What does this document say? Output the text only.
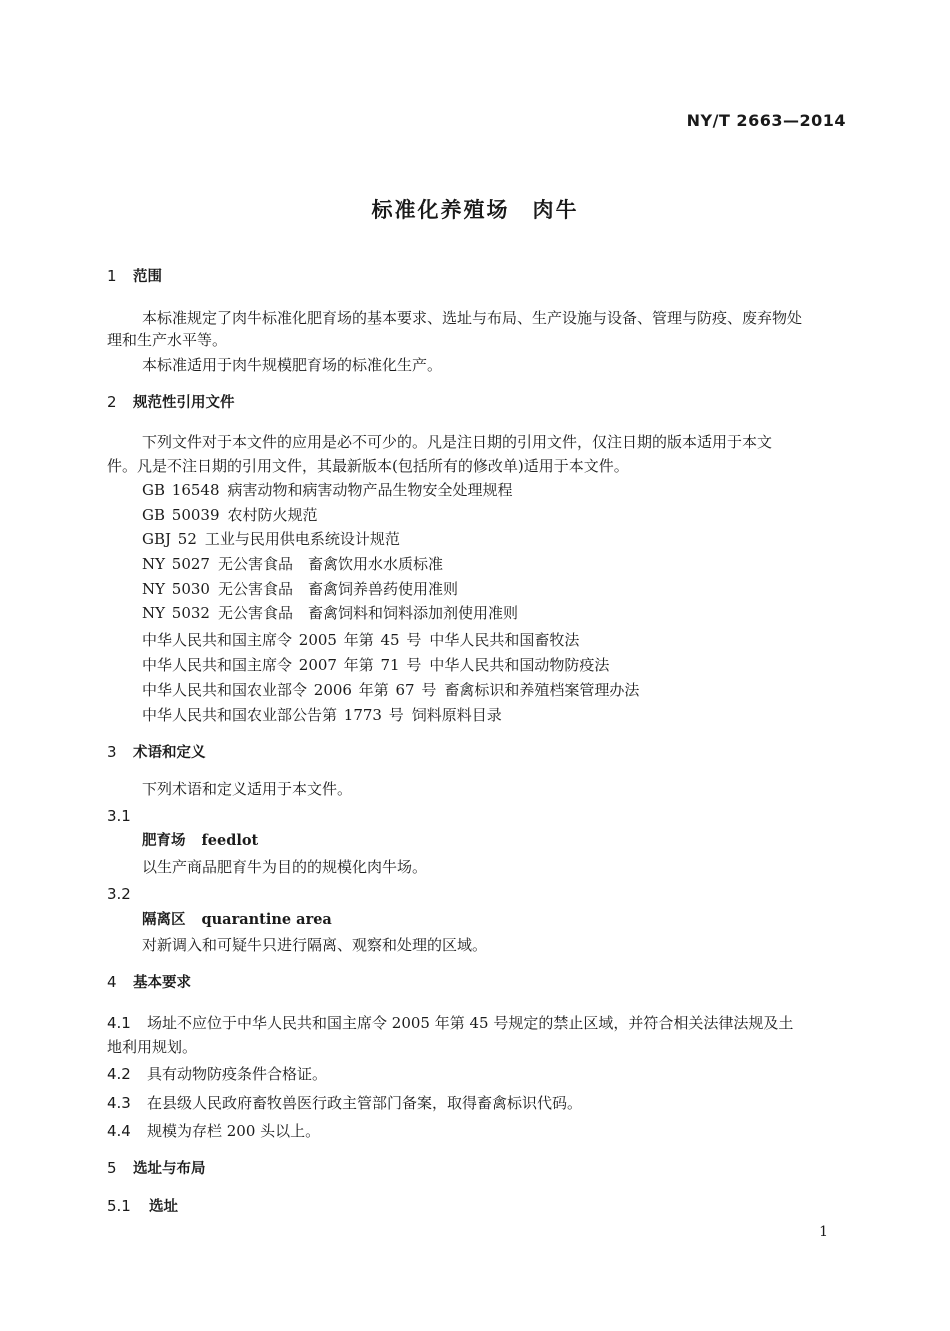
NY/T 2663—2014
标准化养殖场　肉牛
1 范围
本标准规定了肉牛标准化肥育场的基本要求、选址与布局、生产设施与设备、管理与防疫、废弃物处
理和生产水平等。
本标准适用于肉牛规模肥育场的标准化生产。
2 规范性引用文件
下列文件对于本文件的应用是必不可少的。凡是注日期的引用文件，仅注日期的版本适用于本文
件。凡是不注日期的引用文件，其最新版本(包括所有的修改单)适用于本文件。
GB 16548 病害动物和病害动物产品生物安全处理规程
GB 50039 农村防火规范
GBJ 52 工业与民用供电系统设计规范
NY 5027 无公害食品　畜禽饮用水水质标准
NY 5030 无公害食品　畜禽饲养兽药使用准则
NY 5032 无公害食品　畜禽饲料和饲料添加剂使用准则
中华人民共和国主席令 2005 年第 45 号 中华人民共和国畜牧法
中华人民共和国主席令 2007 年第 71 号 中华人民共和国动物防疫法
中华人民共和国农业部令 2006 年第 67 号 畜禽标识和养殖档案管理办法
中华人民共和国农业部公告第 1773 号 饲料原料目录
3 术语和定义
下列术语和定义适用于本文件。
3.1
肥育场 feedlot
以生产商品肥育牛为目的的规模化肉牛场。
3.2
隔离区 quarantine area
对新调入和可疑牛只进行隔离、观察和处理的区域。
4 基本要求
4.1 场址不应位于中华人民共和国主席令 2005 年第 45 号规定的禁止区域，并符合相关法律法规及土
地利用规划。
4.2 具有动物防疫条件合格证。
4.3 在县级人民政府畜牧兽医行政主管部门备案，取得畜禽标识代码。
4.4 规模为存栏 200 头以上。
5 选址与布局
5.1 选址
1
